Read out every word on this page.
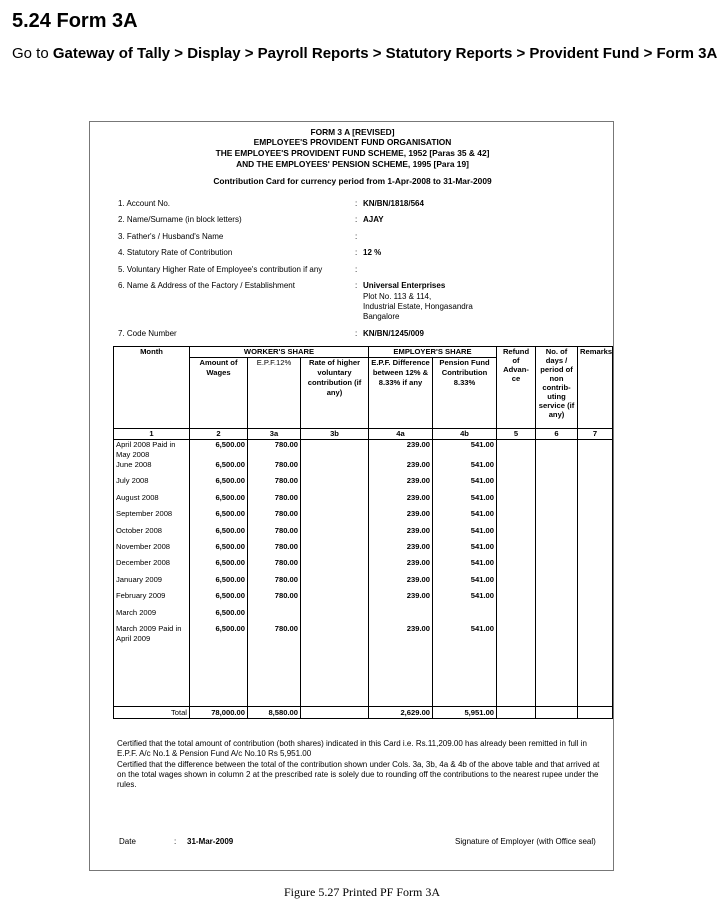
5.24 Form 3A
Go to Gateway of Tally > Display > Payroll Reports > Statutory Reports > Provident Fund > Form 3A
FORM 3 A [REVISED]
EMPLOYEE'S PROVIDENT FUND ORGANISATION
THE EMPLOYEE'S PROVIDENT FUND SCHEME, 1952 [Paras 35 & 42]
AND THE EMPLOYEES' PENSION SCHEME, 1995 [Para 19]
Contribution Card for currency period from 1-Apr-2008 to 31-Mar-2009
1. Account No.	: KN/BN/1818/564
2. Name/Surname (in block letters)	: AJAY
3. Father's / Husband's Name	:
4. Statutory Rate of Contribution	: 12 %
5. Voluntary Higher Rate of Employee's contribution if any	:
6. Name & Address of the Factory / Establishment	: Universal Enterprises
Plot No. 113 & 114,
Industrial Estate, Hongasandra
Bangalore
7. Code Number	: KN/BN/1245/009
Month	WORKER'S SHARE			EMPLOYER'S SHARE		Refund of Advan-ce	No. of days / period of non contrib-uting service (if any)	Remarks
	Amount of Wages	E.P.F.12%	Rate of higher voluntary contribution (if any)	E.P.F. Difference between 12% & 8.33% if any	Pension Fund Contribution 8.33%			
1	2	3a	3b	4a	4b	5	6	7
April 2008 Paid in May 2008	6,500.00	780.00		239.00	541.00			
June 2008	6,500.00	780.00		239.00	541.00			
July 2008	6,500.00	780.00		239.00	541.00			
August 2008	6,500.00	780.00		239.00	541.00			
September 2008	6,500.00	780.00		239.00	541.00			
October 2008	6,500.00	780.00		239.00	541.00			
November 2008	6,500.00	780.00		239.00	541.00			
December 2008	6,500.00	780.00		239.00	541.00			
January 2009	6,500.00	780.00		239.00	541.00			
February 2009	6,500.00	780.00		239.00	541.00			
March 2009	6,500.00							
March 2009 Paid in April 2009	6,500.00	780.00		239.00	541.00			

Total	78,000.00	8,580.00		2,629.00	5,951.00			
Certified that the total amount of contribution (both shares) indicated in this Card i.e. Rs.11,209.00 has already been remitted in full in E.P.F. A/c No.1 & Pension Fund A/c No.10 Rs 5,951.00
Certified that the difference between the total of the contribution shown under Cols. 3a, 3b, 4a & 4b of the above table and that arrived at on the total wages shown in column 2 at the prescribed rate is solely due to rounding off the contributions to the nearest rupee under the rules.
Date	: 31-Mar-2009	Signature of Employer (with Office seal)
Figure 5.27 Printed PF Form 3A
